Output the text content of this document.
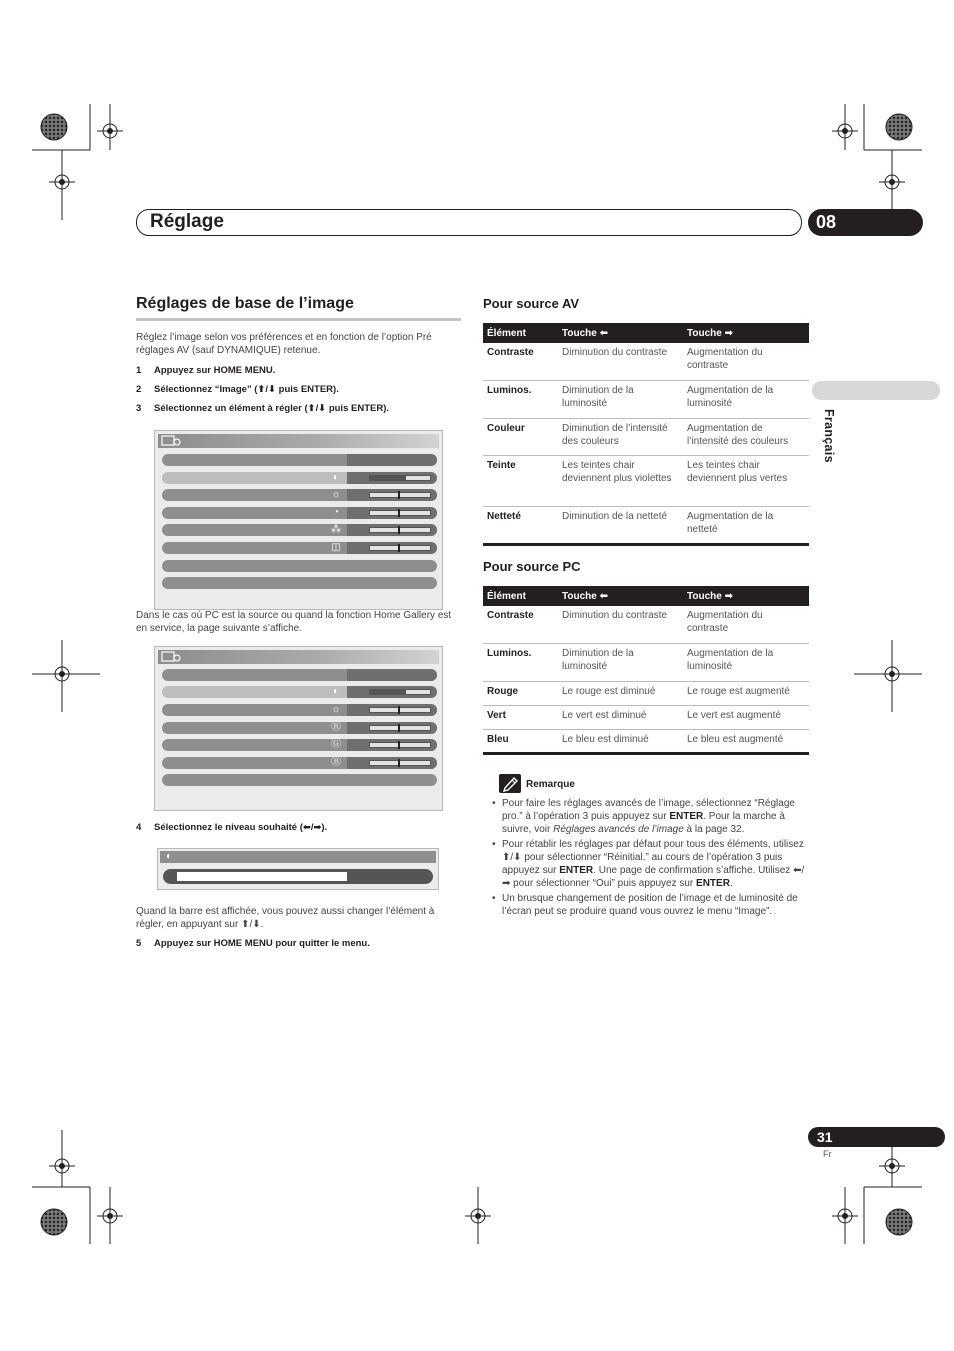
Réglage	08
Français
Réglages de base de l’image
Réglez l’image selon vos préférences et en fonction de l’option Pré réglages AV (sauf DYNAMIQUE) retenue.
1 Appuyez sur HOME MENU.
2 Sélectionnez “Image” (⬆/⬇ puis ENTER).
3 Sélectionnez un élément à régler (⬆/⬇ puis ENTER).
◐
☼
◔
⁂
◫
Dans le cas où PC est la source ou quand la fonction Home Gallery est en service, la page suivante s’affiche.
◐
☼
Ⓡ
Ⓖ
Ⓑ
4 Sélectionnez le niveau souhaité (⬅/➡).
◐
Quand la barre est affichée, vous pouvez aussi changer l’élément à régler, en appuyant sur ⬆/⬇.
5 Appuyez sur HOME MENU pour quitter le menu.
Pour source AV
Élément	Touche ⬅	Touche ➡
Contraste	Diminution du contraste	Augmentation du contraste
Luminos.	Diminution de la luminosité	Augmentation de la luminosité
Couleur	Diminution de l’intensité des couleurs	Augmentation de l’intensité des couleurs
Teinte	Les teintes chair deviennent plus violettes	Les teintes chair deviennent plus vertes
Netteté	Diminution de la netteté	Augmentation de la netteté
Pour source PC
Élément	Touche ⬅	Touche ➡
Contraste	Diminution du contraste	Augmentation du contraste
Luminos.	Diminution de la luminosité	Augmentation de la luminosité
Rouge	Le rouge est diminué	Le rouge est augmenté
Vert	Le vert est diminué	Le vert est augmenté
Bleu	Le bleu est diminué	Le bleu est augmenté
Remarque
• Pour faire les réglages avancés de l’image, sélectionnez “Réglage pro.” à l’opération 3 puis appuyez sur ENTER. Pour la marche à suivre, voir Réglages avancés de l’image à la page 32.
• Pour rétablir les réglages par défaut pour tous des éléments, utilisez ⬆/⬇ pour sélectionner “Réinitial.” au cours de l’opération 3 puis appuyez sur ENTER. Une page de confirmation s’affiche. Utilisez ⬅/➡ pour sélectionner “Oui” puis appuyez sur ENTER.
• Un brusque changement de position de l’image et de luminosité de l’écran peut se produire quand vous ouvrez le menu “Image”.
31
Fr
